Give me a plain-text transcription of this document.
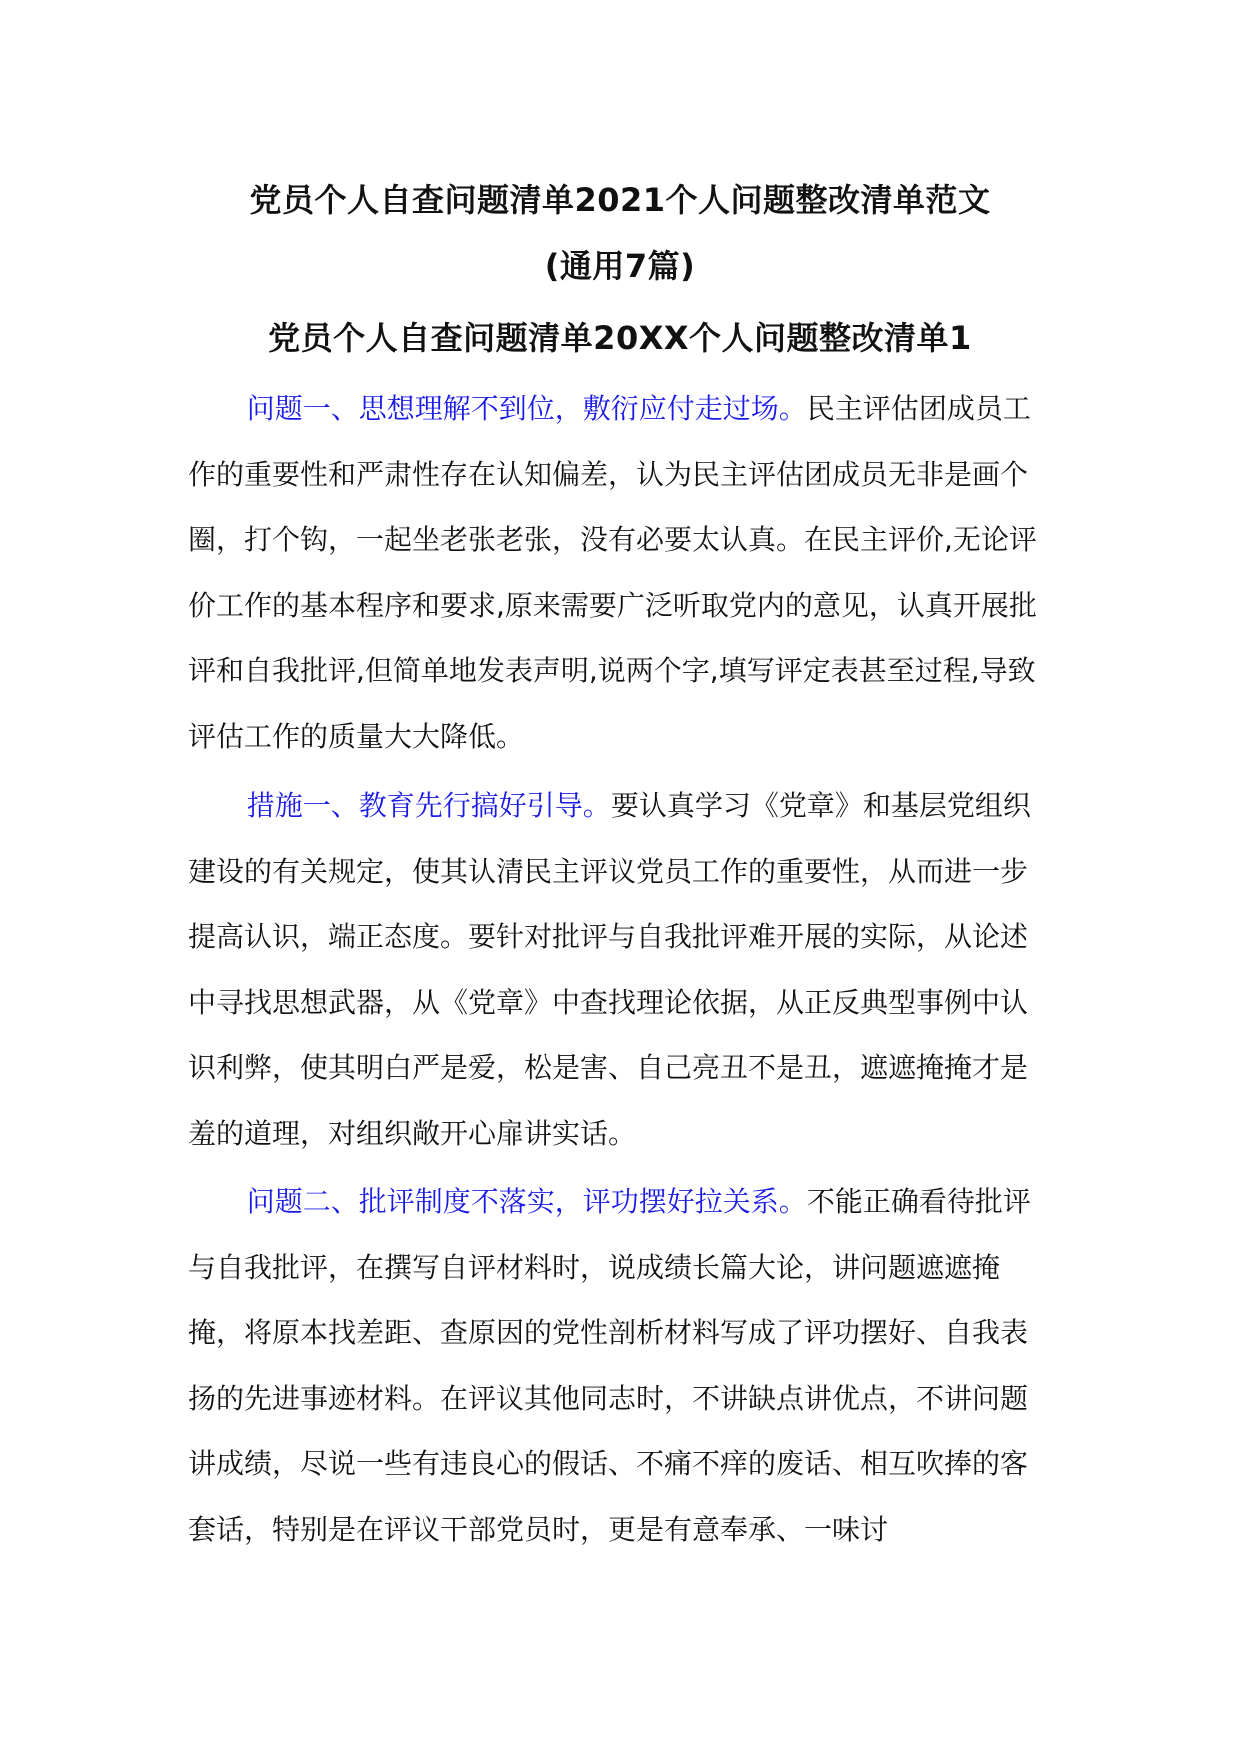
党员个人自查问题清单2021个人问题整改清单范文
(通用7篇)
党员个人自查问题清单20XX个人问题整改清单1

问题一、思想理解不到位，敷衍应付走过场。民主评估团成员工作的重要性和严肃性存在认知偏差，认为民主评估团成员无非是画个圈，打个钩，一起坐老张老张，没有必要太认真。在民主评价,无论评价工作的基本程序和要求,原来需要广泛听取党内的意见，认真开展批评和自我批评,但简单地发表声明,说两个字,填写评定表甚至过程,导致评估工作的质量大大降低。

措施一、教育先行搞好引导。要认真学习《党章》和基层党组织建设的有关规定，使其认清民主评议党员工作的重要性，从而进一步提高认识，端正态度。要针对批评与自我批评难开展的实际，从论述中寻找思想武器，从《党章》中查找理论依据，从正反典型事例中认识利弊，使其明白严是爱，松是害、自己亮丑不是丑，遮遮掩掩才是羞的道理，对组织敞开心扉讲实话。

问题二、批评制度不落实，评功摆好拉关系。不能正确看待批评与自我批评，在撰写自评材料时，说成绩长篇大论，讲问题遮遮掩掩，将原本找差距、查原因的党性剖析材料写成了评功摆好、自我表扬的先进事迹材料。在评议其他同志时，不讲缺点讲优点，不讲问题讲成绩，尽说一些有违良心的假话、不痛不痒的废话、相互吹捧的客套话，特别是在评议干部党员时，更是有意奉承、一味讨
